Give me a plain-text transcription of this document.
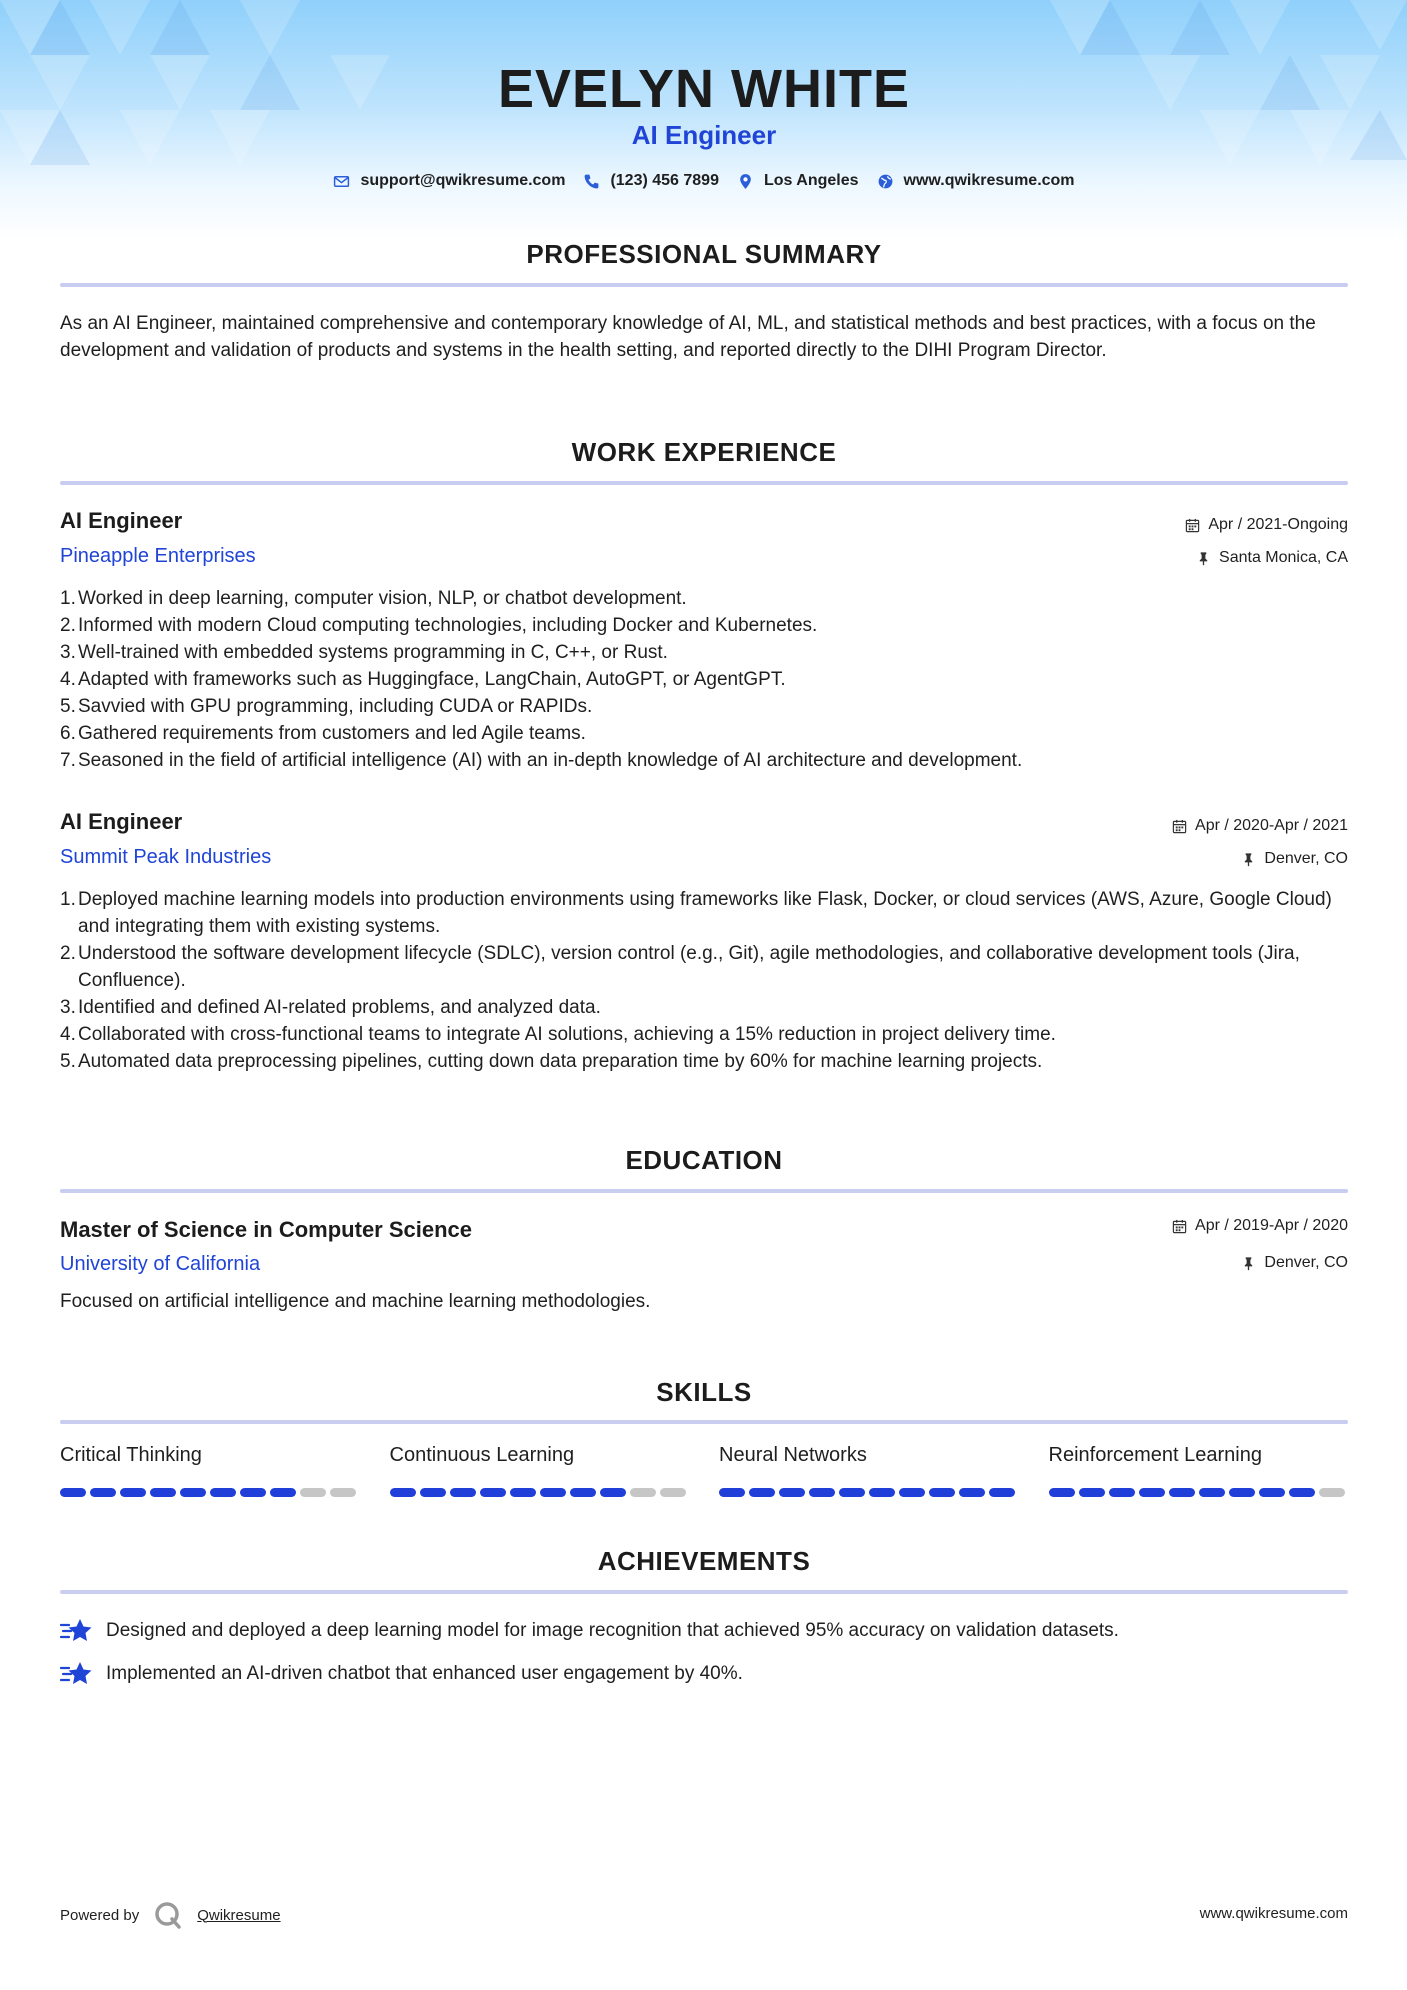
EVELYN WHITE
AI Engineer
support@qwikresume.com	(123) 456 7899	Los Angeles	www.qwikresume.com
PROFESSIONAL SUMMARY
As an AI Engineer, maintained comprehensive and contemporary knowledge of AI, ML, and statistical methods and best practices, with a focus on the development and validation of products and systems in the health setting, and reported directly to the DIHI Program Director.
WORK EXPERIENCE
AI Engineer	Apr / 2021-Ongoing
Pineapple Enterprises	Santa Monica, CA
1. Worked in deep learning, computer vision, NLP, or chatbot development.
2. Informed with modern Cloud computing technologies, including Docker and Kubernetes.
3. Well-trained with embedded systems programming in C, C++, or Rust.
4. Adapted with frameworks such as Huggingface, LangChain, AutoGPT, or AgentGPT.
5. Savvied with GPU programming, including CUDA or RAPIDs.
6. Gathered requirements from customers and led Agile teams.
7. Seasoned in the field of artificial intelligence (AI) with an in-depth knowledge of AI architecture and development.
AI Engineer	Apr / 2020-Apr / 2021
Summit Peak Industries	Denver, CO
1. Deployed machine learning models into production environments using frameworks like Flask, Docker, or cloud services (AWS, Azure, Google Cloud) and integrating them with existing systems.
2. Understood the software development lifecycle (SDLC), version control (e.g., Git), agile methodologies, and collaborative development tools (Jira, Confluence).
3. Identified and defined AI-related problems, and analyzed data.
4. Collaborated with cross-functional teams to integrate AI solutions, achieving a 15% reduction in project delivery time.
5. Automated data preprocessing pipelines, cutting down data preparation time by 60% for machine learning projects.
EDUCATION
Master of Science in Computer Science	Apr / 2019-Apr / 2020
University of California	Denver, CO
Focused on artificial intelligence and machine learning methodologies.
SKILLS
Critical Thinking	Continuous Learning	Neural Networks	Reinforcement Learning
ACHIEVEMENTS
Designed and deployed a deep learning model for image recognition that achieved 95% accuracy on validation datasets.
Implemented an AI-driven chatbot that enhanced user engagement by 40%.
Powered by	Qwikresume	www.qwikresume.com
